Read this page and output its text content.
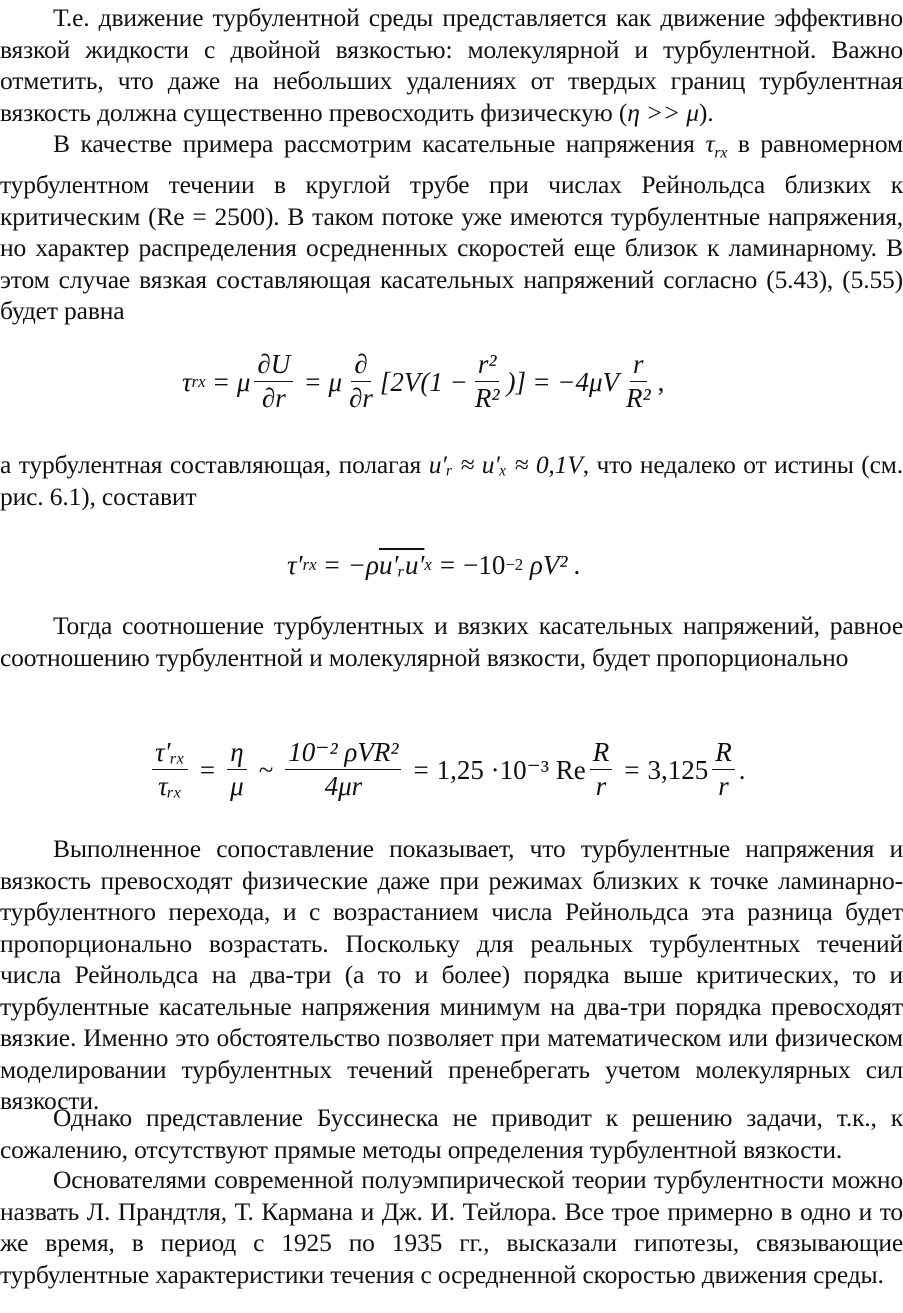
Т.е. движение турбулентной среды представляется как движение эффективно вязкой жидкости с двойной вязкостью: молекулярной и турбулентной. Важно отметить, что даже на небольших удалениях от твердых границ турбулентная вязкость должна существенно превосходить физическую (η >> μ).
В качестве примера рассмотрим касательные напряжения $\tau_{rx}$ в равномерном турбулентном течении в круглой трубе при числах Рейнольдса близких к критическим (Re = 2500). В таком потоке уже имеются турбулентные напряжения, но характер распределения осредненных скоростей еще близок к ламинарному. В этом случае вязкая составляющая касательных напряжений согласно (5.43), (5.55) будет равна
τ rx = μ $\frac{\partial U}{\partial r} = \mu \frac{\partial}{\partial r} [2V(1 - \frac{\text{r²}}{\text{R²}}$ )] = $-4\mu V \frac{r}{\text{R²}}$ ,
а турбулентная составляющая, полагая u′ᵣ ≈ u′ₓ ≈ 0,1V, что недалеко от истины (см. рис. 6.1), составит
τ′ rx = −ρ u′ᵣu′ x = −10 −2
ρV² .
Тогда соотношение турбулентных и вязких касательных напряжений, равное соотношению турбулентной и молекулярной вязкости, будет пропорционально
$\frac{\text{τ′ᵣₓ}}{\text{τᵣₓ}} = \frac{\eta}{\mu}$ ~ $\frac{\text{10⁻² ρVR²}}{4\mu r} = 1,25 \cdot 10^{-3}$ Re $\frac{R}{r} = 3,125 \frac{R}{r}$ .
Выполненное сопоставление показывает, что турбулентные напряжения и вязкость превосходят физические даже при режимах близких к точке ламинарно-турбулентного перехода, и с возрастанием числа Рейнольдса эта разница будет пропорционально возрастать. Поскольку для реальных турбулентных течений числа Рейнольдса на два-три (а то и более) порядка выше критических, то и турбулентные касательные напряжения минимум на два-три порядка превосходят вязкие. Именно это обстоятельство позволяет при математическом или физическом моделировании турбулентных течений пренебрегать учетом молекулярных сил вязкости.
Однако представление Буссинеска не приводит к решению задачи, т.к., к сожалению, отсутствуют прямые методы определения турбулентной вязкости.
Основателями современной полуэмпирической теории турбулентности можно назвать Л. Прандтля, Т. Кармана и Дж. И. Тейлора. Все трое примерно в одно и то же время, в период с 1925 по 1935 гг., высказали гипотезы, связывающие турбулентные характеристики течения с осредненной скоростью движения среды.
